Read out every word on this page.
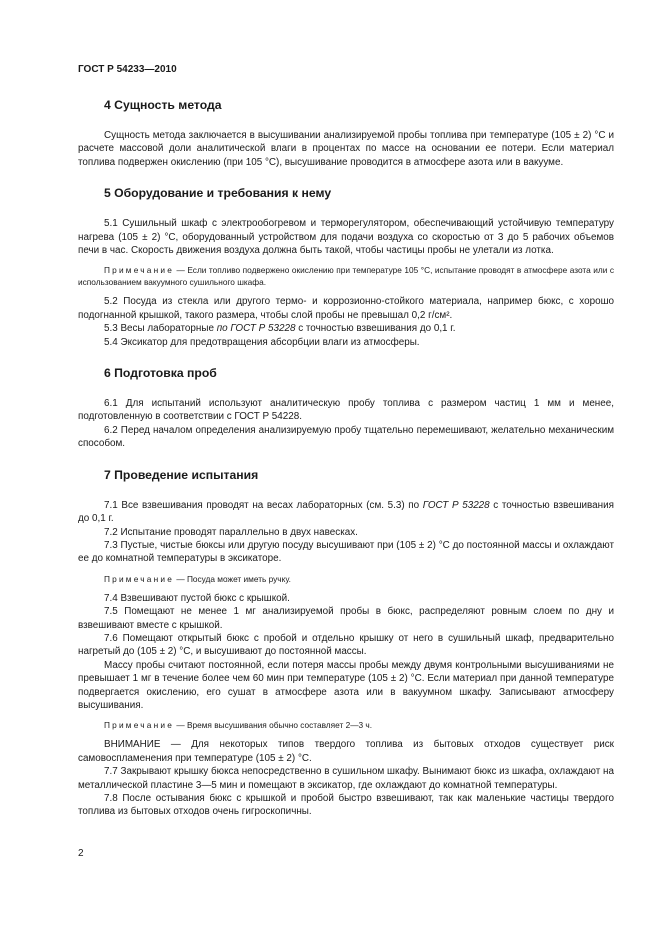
ГОСТ Р 54233—2010
4 Сущность метода

Сущность метода заключается в высушивании анализируемой пробы топлива при температуре (105 ± 2) °С и расчете массовой доли аналитической влаги в процентах по массе на основании ее потери. Если материал топлива подвержен окислению (при 105 °С), высушивание проводится в атмосфере азота или в вакууме.

5 Оборудование и требования к нему

5.1 Сушильный шкаф с электрообогревом и терморегулятором, обеспечивающий устойчивую температуру нагрева (105 ± 2) °С, оборудованный устройством для подачи воздуха со скоростью от 3 до 5 рабочих объемов печи в час. Скорость движения воздуха должна быть такой, чтобы частицы пробы не улетали из лотка.

Примечание — Если топливо подвержено окислению при температуре 105 °С, испытание проводят в атмосфере азота или с использованием вакуумного сушильного шкафа.

5.2 Посуда из стекла или другого термо- и коррозионно-стойкого материала, например бюкс, с хорошо подогнанной крышкой, такого размера, чтобы слой пробы не превышал 0,2 г/см².

5.3 Весы лабораторные по ГОСТ Р 53228 с точностью взвешивания до 0,1 г.

5.4 Эксикатор для предотвращения абсорбции влаги из атмосферы.

6 Подготовка проб

6.1 Для испытаний используют аналитическую пробу топлива с размером частиц 1 мм и менее, подготовленную в соответствии с ГОСТ Р 54228.

6.2 Перед началом определения анализируемую пробу тщательно перемешивают, желательно механическим способом.

7 Проведение испытания

7.1 Все взвешивания проводят на весах лабораторных (см. 5.3) по ГОСТ Р 53228 с точностью взвешивания до 0,1 г.

7.2 Испытание проводят параллельно в двух навесках.

7.3 Пустые, чистые бюксы или другую посуду высушивают при (105 ± 2) °С до постоянной массы и охлаждают ее до комнатной температуры в эксикаторе.

Примечание — Посуда может иметь ручку.

7.4 Взвешивают пустой бюкс с крышкой.

7.5 Помещают не менее 1 мг анализируемой пробы в бюкс, распределяют ровным слоем по дну и взвешивают вместе с крышкой.

7.6 Помещают открытый бюкс с пробой и отдельно крышку от него в сушильный шкаф, предварительно нагретый до (105 ± 2) °С, и высушивают до постоянной массы.

Массу пробы считают постоянной, если потеря массы пробы между двумя контрольными высушиваниями не превышает 1 мг в течение более чем 60 мин при температуре (105 ± 2) °С. Если материал при данной температуре подвергается окислению, его сушат в атмосфере азота или в вакуумном шкафу. Записывают атмосферу высушивания.

Примечание — Время высушивания обычно составляет 2—3 ч.

ВНИМАНИЕ — Для некоторых типов твердого топлива из бытовых отходов существует риск самовоспламенения при температуре (105 ± 2) °С.

7.7 Закрывают крышку бюкса непосредственно в сушильном шкафу. Вынимают бюкс из шкафа, охлаждают на металлической пластине 3—5 мин и помещают в эксикатор, где охлаждают до комнатной температуры.

7.8 После остывания бюкс с крышкой и пробой быстро взвешивают, так как маленькие частицы твердого топлива из бытовых отходов очень гигроскопичны.

2
